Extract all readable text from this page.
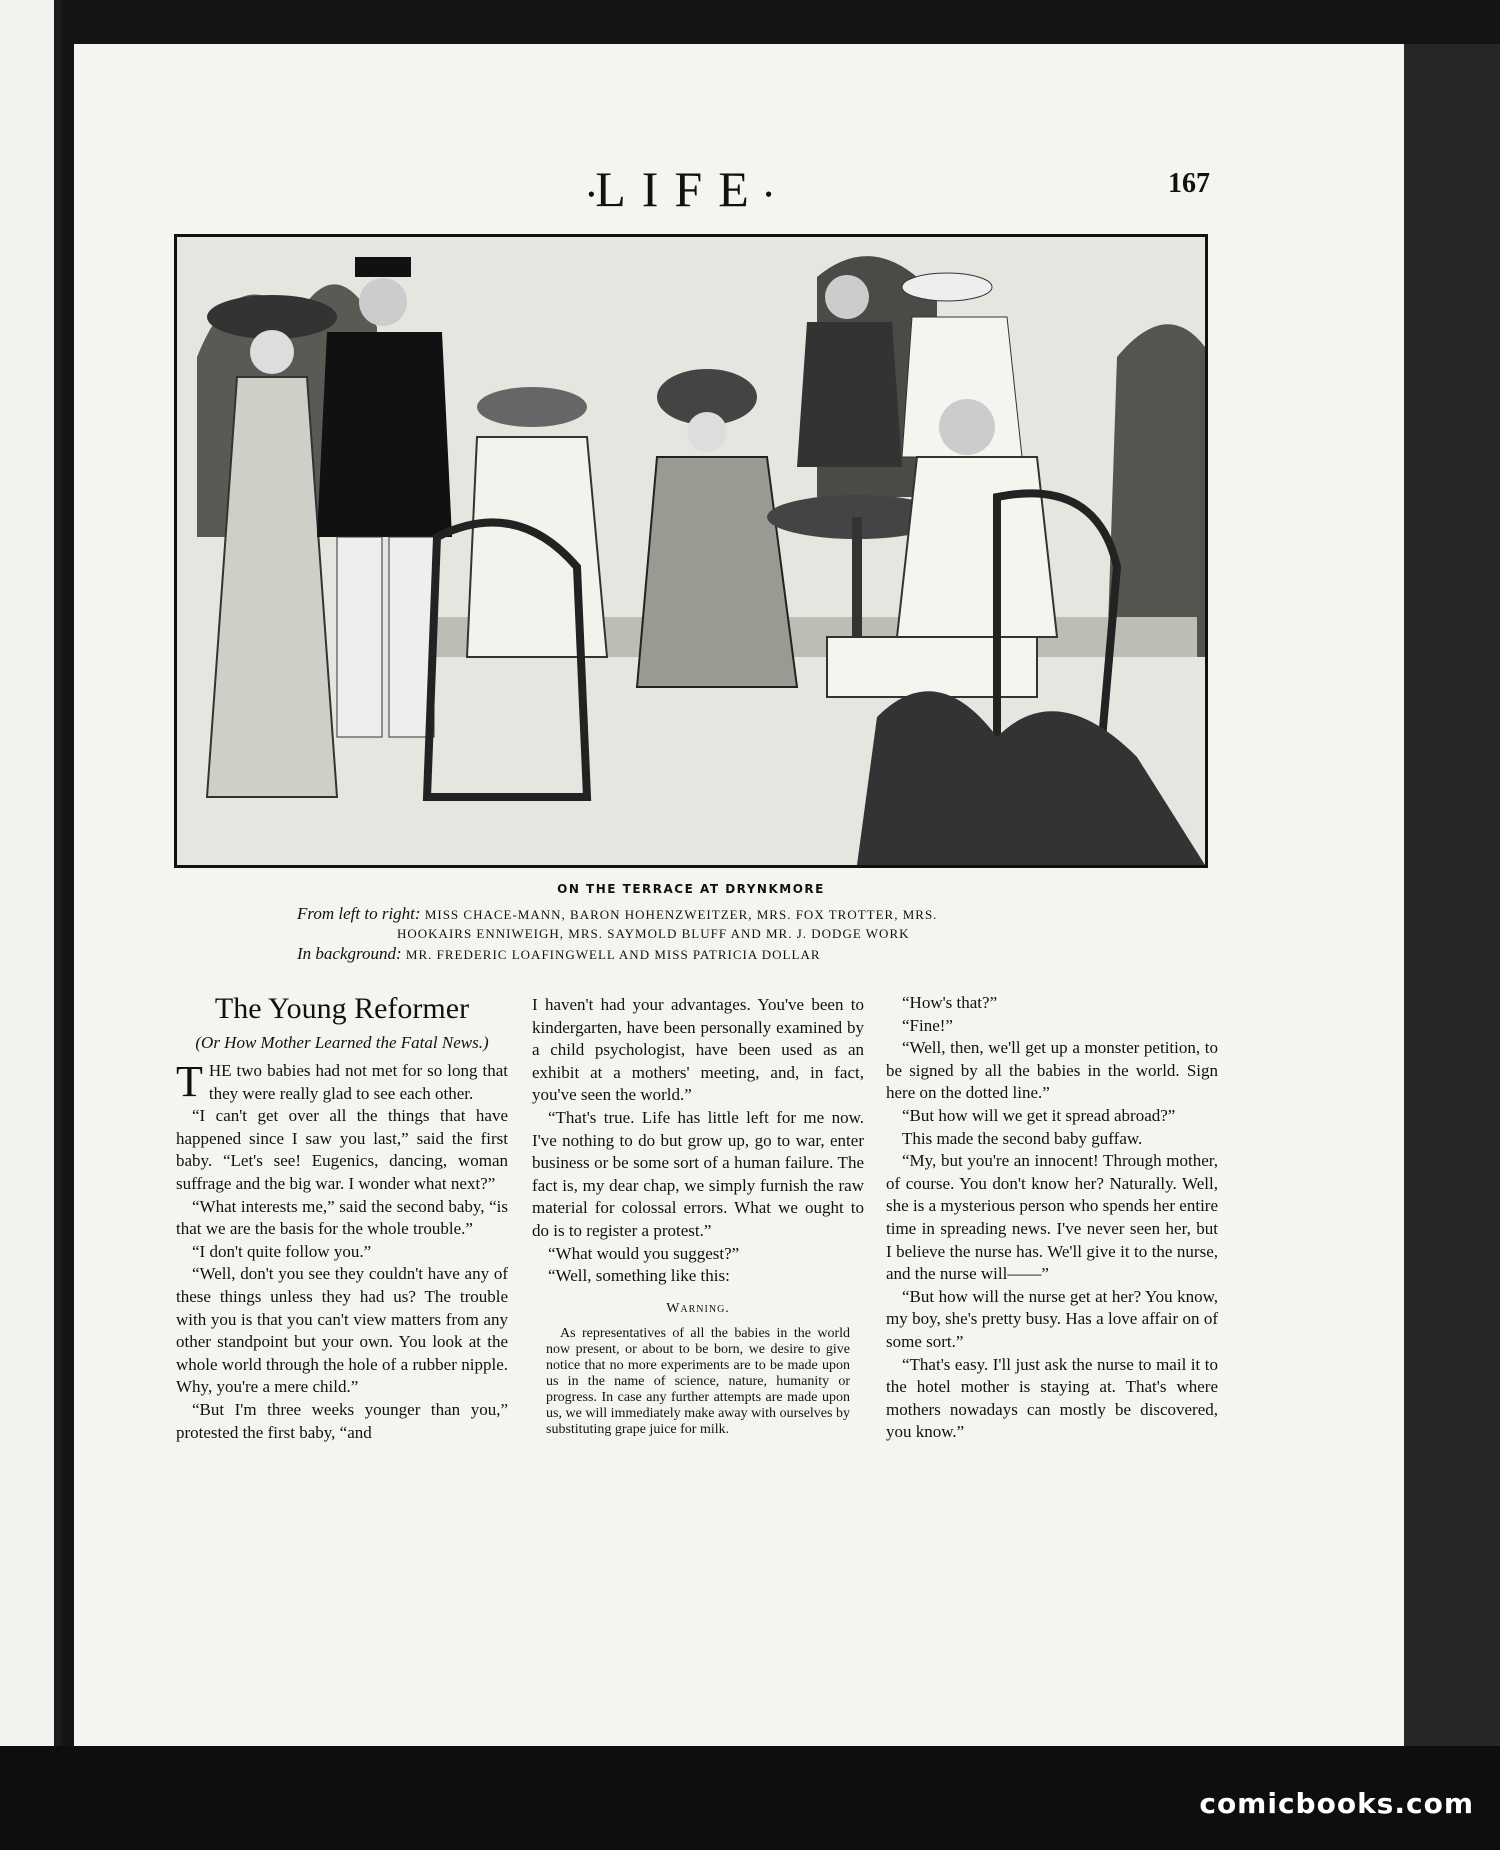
•LIFE•	167
ON THE TERRACE AT DRYNKMORE
From left to right: MISS CHACE-MANN, BARON HOHENZWEITZER, MRS. FOX TROTTER, MRS.
HOOKAIRS ENNIWEIGH, MRS. SAYMOLD BLUFF AND MR. J. DODGE WORK
In background: MR. FREDERIC LOAFINGWELL AND MISS PATRICIA DOLLAR
The Young Reformer
(Or How Mother Learned the Fatal News.)

THE two babies had not met for so long that they were really glad to see each other.

“I can't get over all the things that have happened since I saw you last,” said the first baby. “Let's see! Eugenics, dancing, woman suffrage and the big war. I wonder what next?”

“What interests me,” said the second baby, “is that we are the basis for the whole trouble.”

“I don't quite follow you.”

“Well, don't you see they couldn't have any of these things unless they had us? The trouble with you is that you can't view matters from any other standpoint but your own. You look at the whole world through the hole of a rubber nipple. Why, you're a mere child.”

“But I'm three weeks younger than you,” protested the first baby, “and

I haven't had your advantages. You've been to kindergarten, have been personally examined by a child psychologist, have been used as an exhibit at a mothers' meeting, and, in fact, you've seen the world.”

“That's true. Life has little left for me now. I've nothing to do but grow up, go to war, enter business or be some sort of a human failure. The fact is, my dear chap, we simply furnish the raw material for colossal errors. What we ought to do is to register a protest.”

“What would you suggest?”

“Well, something like this:

Warning.
As representatives of all the babies in the world now present, or about to be born, we desire to give notice that no more experiments are to be made upon us in the name of science, nature, humanity or progress. In case any further attempts are made upon us, we will immediately make away with ourselves by substituting grape juice for milk.

“How's that?”

“Fine!”

“Well, then, we'll get up a monster petition, to be signed by all the babies in the world. Sign here on the dotted line.”

“But how will we get it spread abroad?”

This made the second baby guffaw.

“My, but you're an innocent! Through mother, of course. You don't know her? Naturally. Well, she is a mysterious person who spends her entire time in spreading news. I've never seen her, but I believe the nurse has. We'll give it to the nurse, and the nurse will——”

“But how will the nurse get at her? You know, my boy, she's pretty busy. Has a love affair on of some sort.”

“That's easy. I'll just ask the nurse to mail it to the hotel mother is staying at. That's where mothers nowadays can mostly be discovered, you know.”

comicbooks.com
